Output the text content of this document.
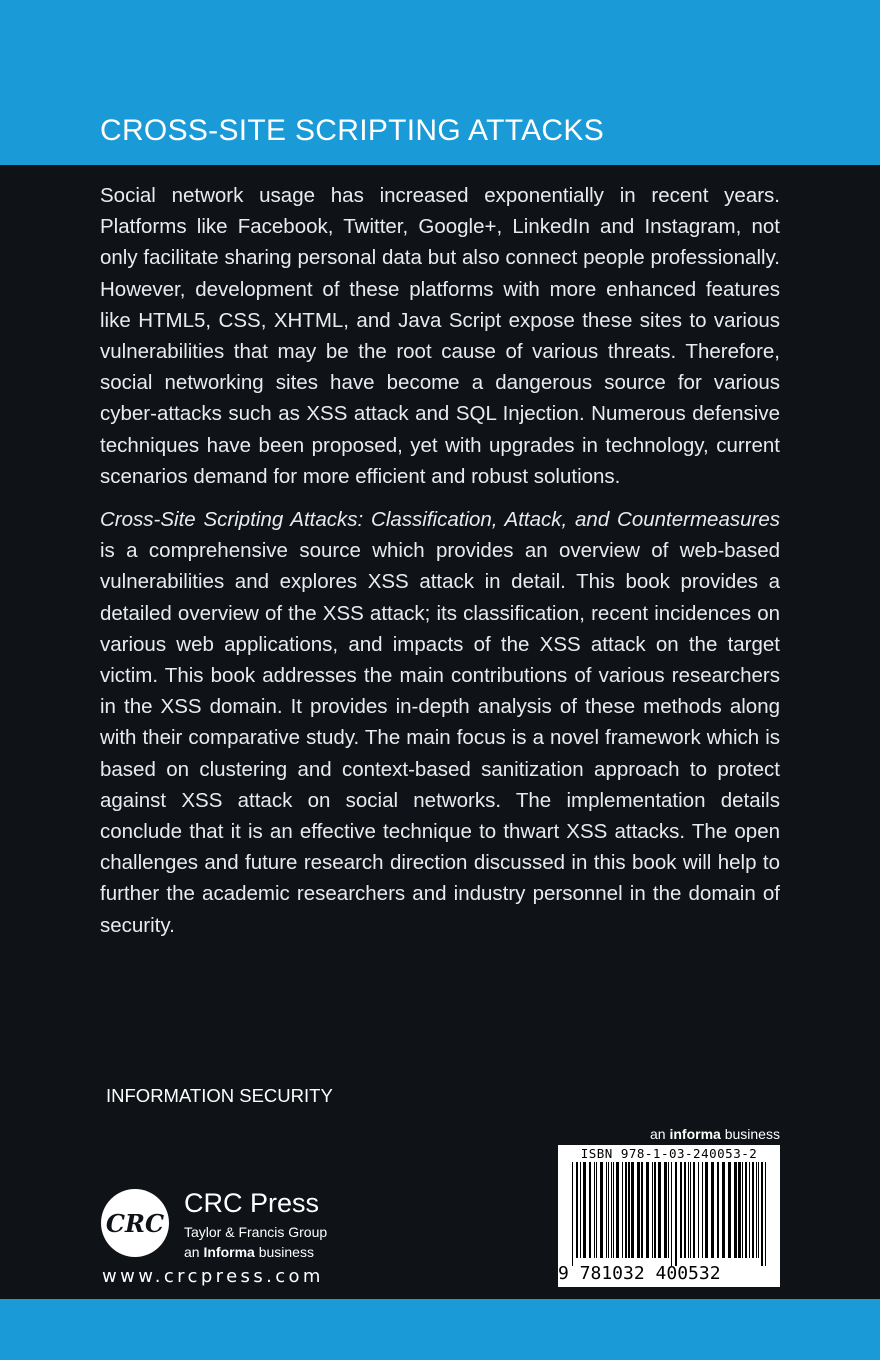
CROSS-SITE SCRIPTING ATTACKS

Social network usage has increased exponentially in recent years. Platforms like Facebook, Twitter, Google+, LinkedIn and Instagram, not only facilitate sharing personal data but also connect people professionally. However, development of these platforms with more enhanced features like HTML5, CSS, XHTML, and Java Script expose these sites to various vulnerabilities that may be the root cause of various threats. Therefore, social networking sites have become a dangerous source for various cyber-attacks such as XSS attack and SQL Injection. Numerous defensive techniques have been proposed, yet with upgrades in technology, current scenarios demand for more efficient and robust solutions.

Cross-Site Scripting Attacks: Classification, Attack, and Countermeasures is a comprehensive source which provides an overview of web-based vulnerabilities and explores XSS attack in detail. This book provides a detailed overview of the XSS attack; its classification, recent incidences on various web applications, and impacts of the XSS attack on the target victim. This book addresses the main contributions of various researchers in the XSS domain. It provides in-depth analysis of these methods along with their comparative study. The main focus is a novel framework which is based on clustering and context-based sanitization approach to protect against XSS attack on social networks. The implementation details conclude that it is an effective technique to thwart XSS attacks. The open challenges and future research direction discussed in this book will help to further the academic researchers and industry personnel in the domain of security.

INFORMATION SECURITY
CRC
CRC Press
Taylor & Francis Group
an Informa business
www.crcpress.com
an informa business
ISBN 978-1-03-240053-2
9 781032 400532
